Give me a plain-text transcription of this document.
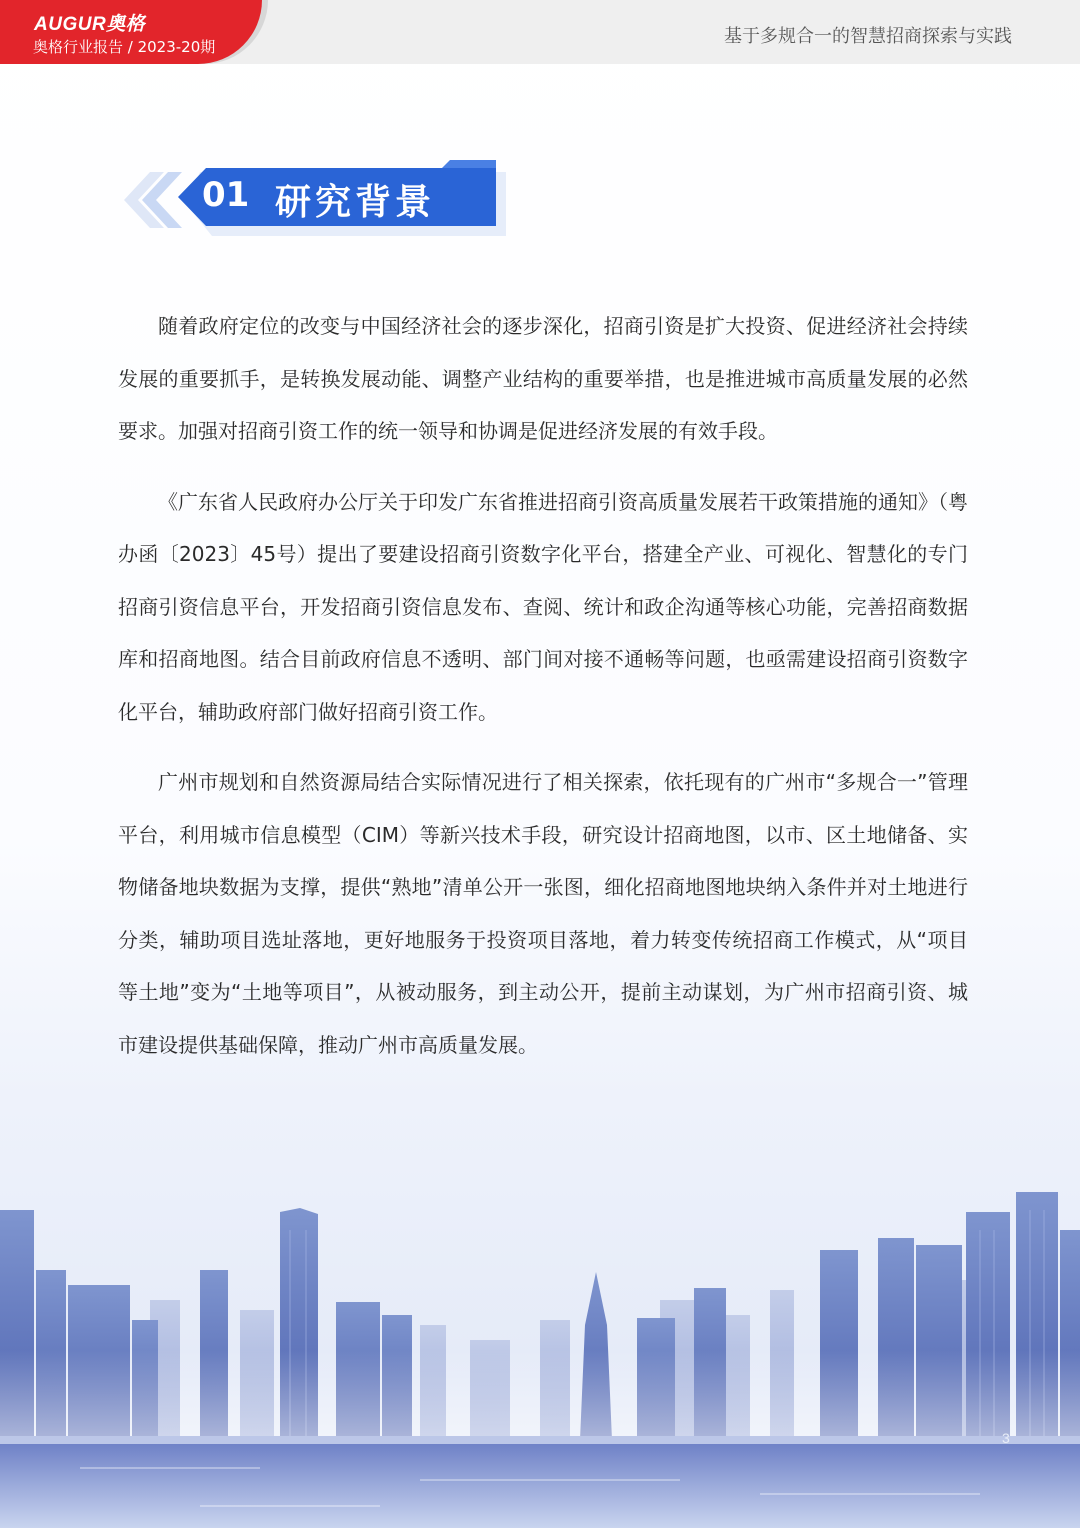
AUGUR奥格
奥格行业报告 / 2023-20期	基于多规合一的智慧招商探索与实践
01 研究背景

随着政府定位的改变与中国经济社会的逐步深化，招商引资是扩大投资、促进经济社会持续发展的重要抓手，是转换发展动能、调整产业结构的重要举措，也是推进城市高质量发展的必然要求。加强对招商引资工作的统一领导和协调是促进经济发展的有效手段。

《广东省人民政府办公厅关于印发广东省推进招商引资高质量发展若干政策措施的通知》（粤办函〔2023〕45号）提出了要建设招商引资数字化平台，搭建全产业、可视化、智慧化的专门招商引资信息平台，开发招商引资信息发布、查阅、统计和政企沟通等核心功能，完善招商数据库和招商地图。结合目前政府信息不透明、部门间对接不通畅等问题，也亟需建设招商引资数字化平台，辅助政府部门做好招商引资工作。

广州市规划和自然资源局结合实际情况进行了相关探索，依托现有的广州市“多规合一”管理平台，利用城市信息模型（CIM）等新兴技术手段，研究设计招商地图，以市、区土地储备、实物储备地块数据为支撑，提供“熟地”清单公开一张图，细化招商地图地块纳入条件并对土地进行分类，辅助项目选址落地，更好地服务于投资项目落地，着力转变传统招商工作模式，从“项目等土地”变为“土地等项目”，从被动服务，到主动公开，提前主动谋划，为广州市招商引资、城市建设提供基础保障，推动广州市高质量发展。

3
